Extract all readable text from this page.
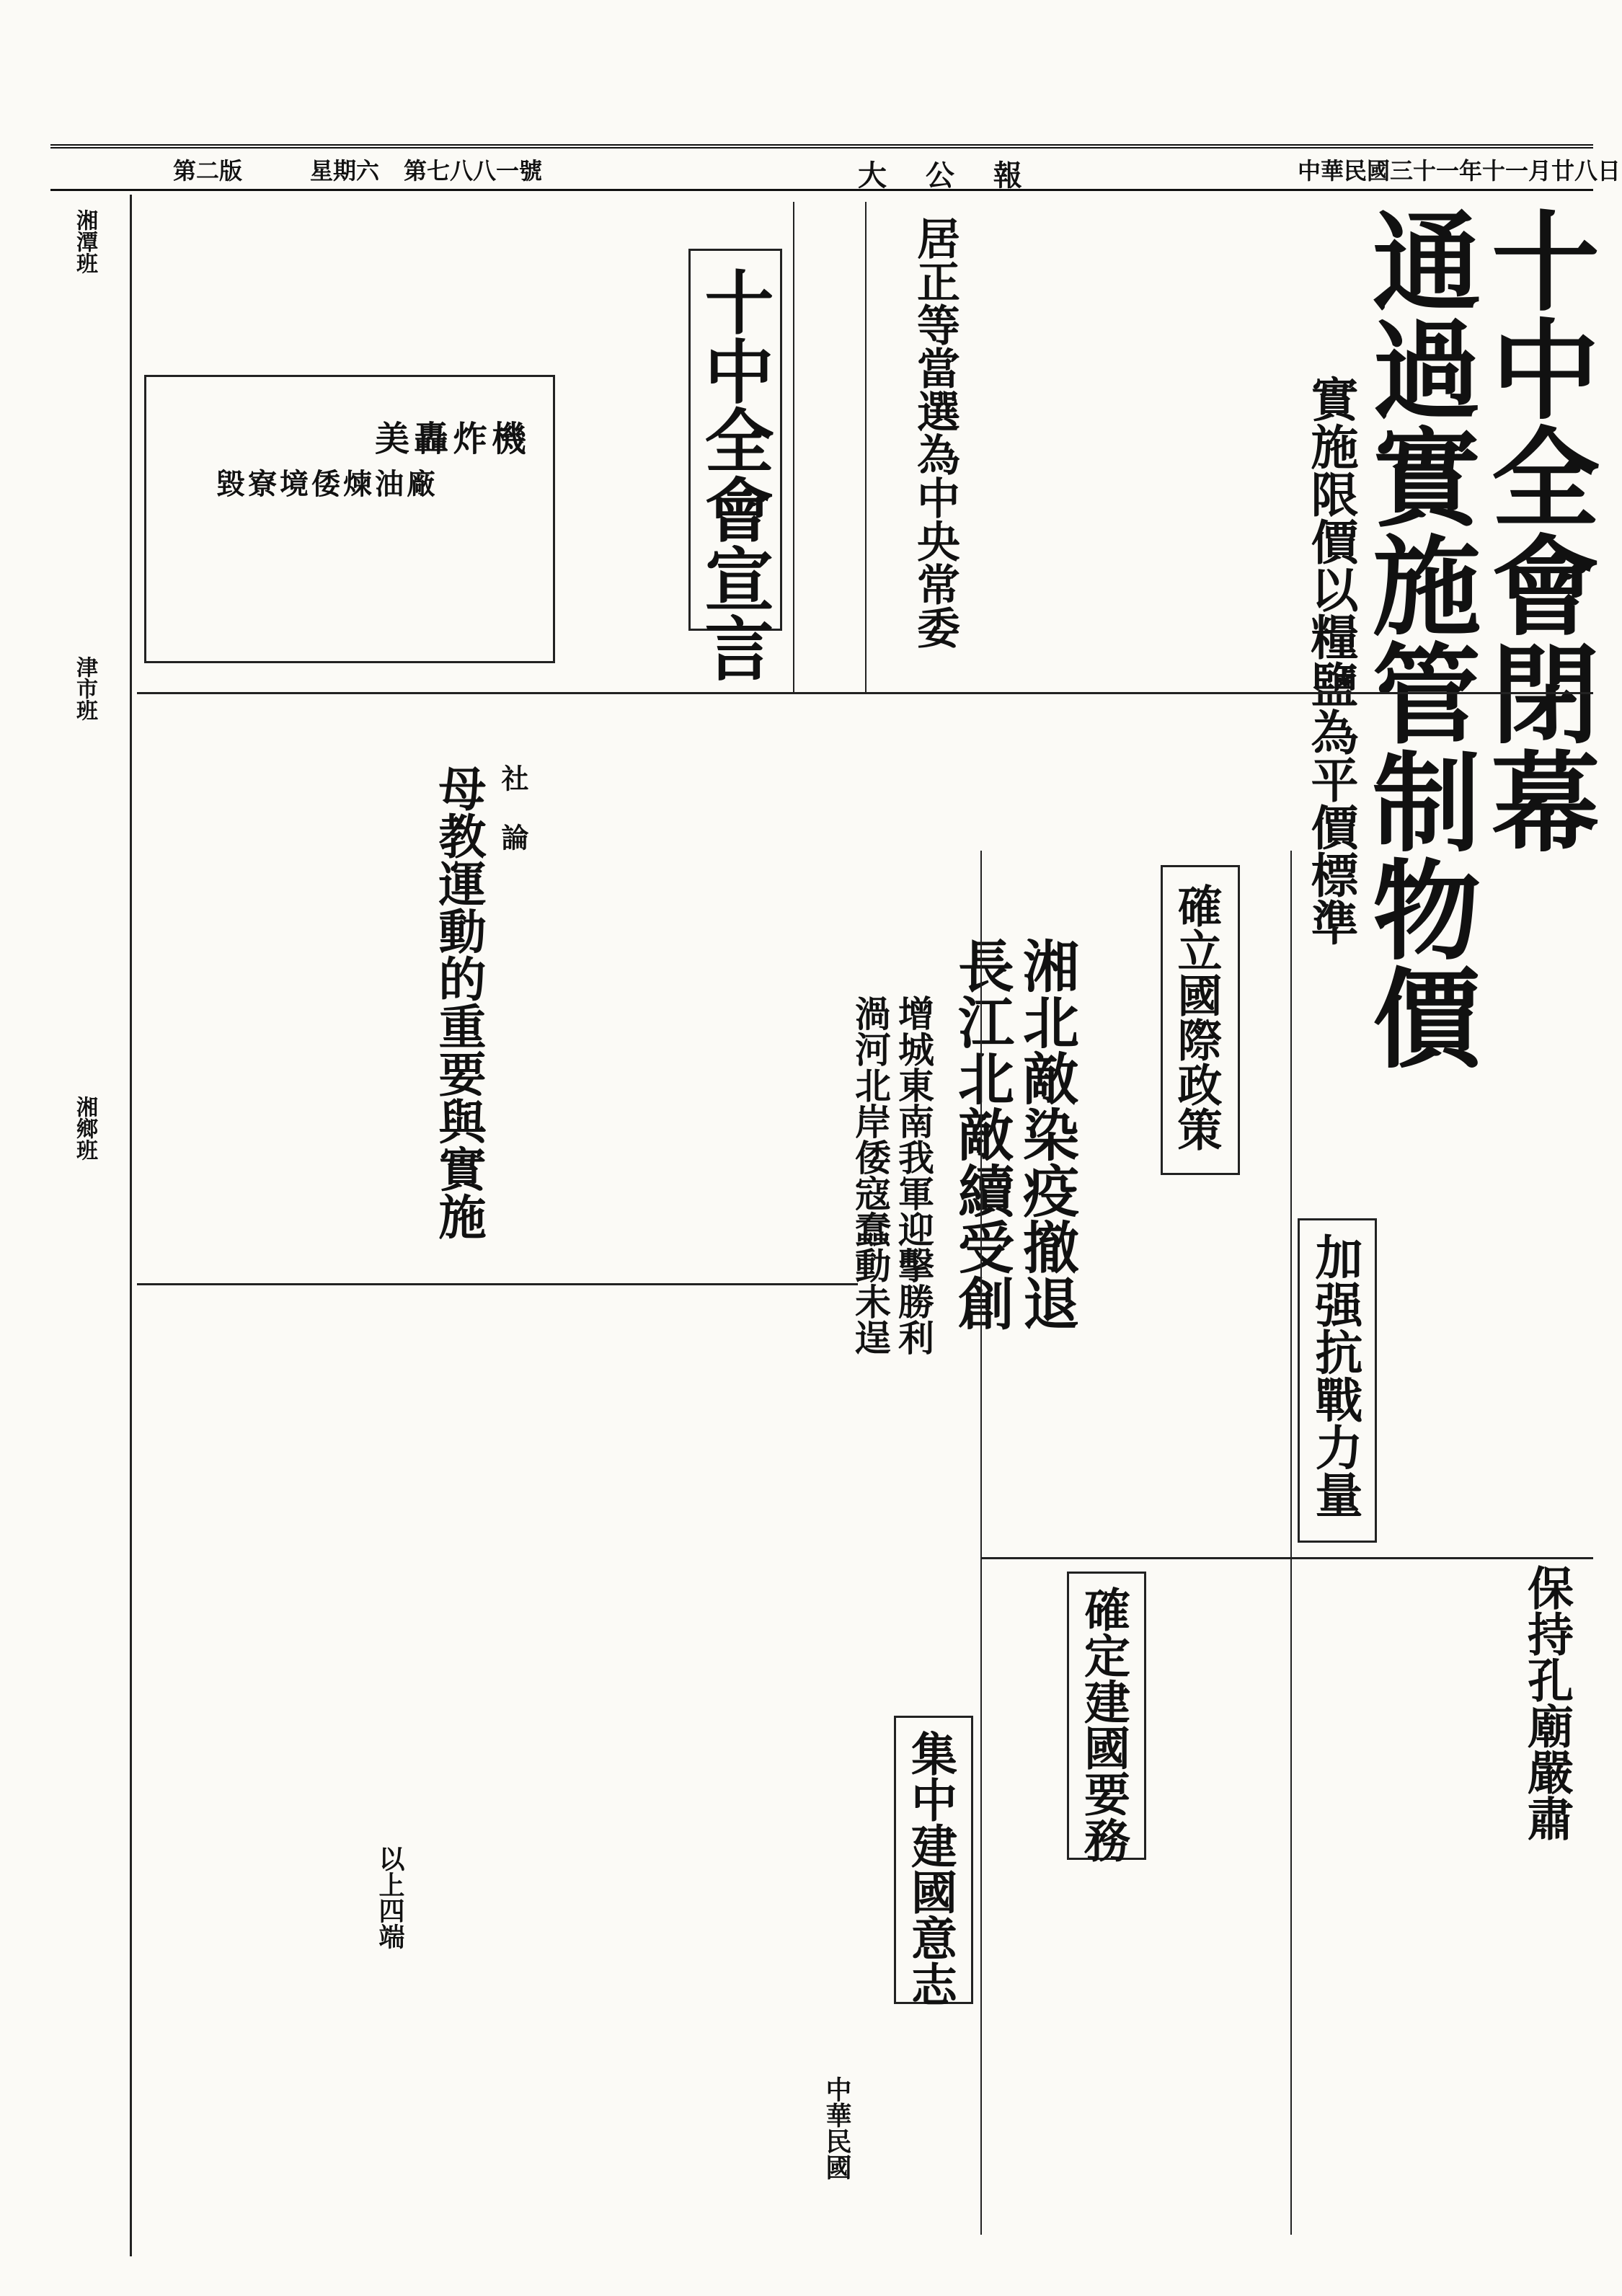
中華民國三十一年十一月廿八日
大 公 報
第七八八一號
星期六
第二版
湘潭班
津市班
湘鄉班
十中全會閉幕
通過實施管制物價
實施限價以糧鹽為平價標準
居正等當選為中央常委
十中全會宣言
美轟炸機
毀寮境倭煉油廠
社 論
母教運動的重要與實施	確立國際政策
湘北敵染疫撤退
長江北敵續受創
增城東南我軍迎擊勝利
渦河北岸倭寇蠢動未逞
加强抗戰力量
保持孔廟嚴肅
確定建國要務
集中建國意志
以上四端
中華民國
